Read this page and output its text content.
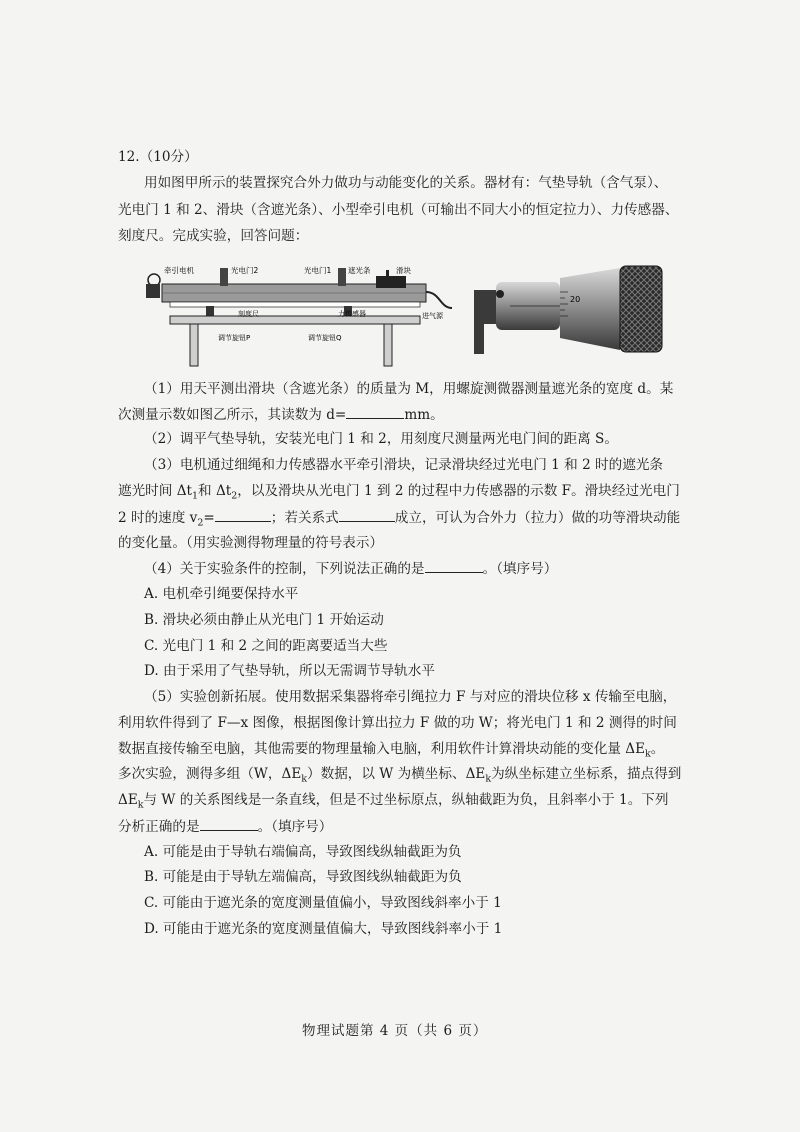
12.（10分）
用如图甲所示的装置探究合外力做功与动能变化的关系。器材有：气垫导轨（含气泵）、
光电门 1 和 2、滑块（含遮光条）、小型牵引电机（可输出不同大小的恒定拉力）、力传感器、
刻度尺。完成实验，回答问题：
牵引电机	光电门2	光电门1 遮光条	滑块
刻度尺	力传感器	进气源
调节旋钮P	调节旋钮Q
20
（1）用天平测出滑块（含遮光条）的质量为 M，用螺旋测微器测量遮光条的宽度 d。某
次测量示数如图乙所示，其读数为 d=	mm。
（2）调平气垫导轨，安装光电门 1 和 2，用刻度尺测量两光电门间的距离 S。
（3）电机通过细绳和力传感器水平牵引滑块，记录滑块经过光电门 1 和 2 时的遮光条
遮光时间 $\Delta t_1$和 $\Delta t_2$，以及滑块从光电门 1 到 2 的过程中力传感器的示数 F。滑块经过光电门
2 时的速度 $v_2=$	；若关系式	成立，可认为合外力（拉力）做的功等滑块动能
的变化量。（用实验测得物理量的符号表示）
（4）关于实验条件的控制，下列说法正确的是	。（填序号）
A. 电机牵引绳要保持水平
B. 滑块必须由静止从光电门 1 开始运动
C. 光电门 1 和 2 之间的距离要适当大些
D. 由于采用了气垫导轨，所以无需调节导轨水平
（5）实验创新拓展。使用数据采集器将牵引绳拉力 F 与对应的滑块位移 x 传输至电脑，
利用软件得到了 F—x 图像，根据图像计算出拉力 F 做的功 W；将光电门 1 和 2 测得的时间
数据直接传输至电脑，其他需要的物理量输入电脑，利用软件计算滑块动能的变化量 $\Delta E_k$。
多次实验，测得多组（W，$\Delta E_k$）数据，以 W 为横坐标、$\Delta E_k$为纵坐标建立坐标系，描点得到
$\Delta E_k$与 W 的关系图线是一条直线，但是不过坐标原点，纵轴截距为负，且斜率小于 1。下列
分析正确的是	。（填序号）
A. 可能是由于导轨右端偏高，导致图线纵轴截距为负
B. 可能是由于导轨左端偏高，导致图线纵轴截距为负
C. 可能由于遮光条的宽度测量值偏小，导致图线斜率小于 1
D. 可能由于遮光条的宽度测量值偏大，导致图线斜率小于 1
物理试题第 4 页（共 6 页）
